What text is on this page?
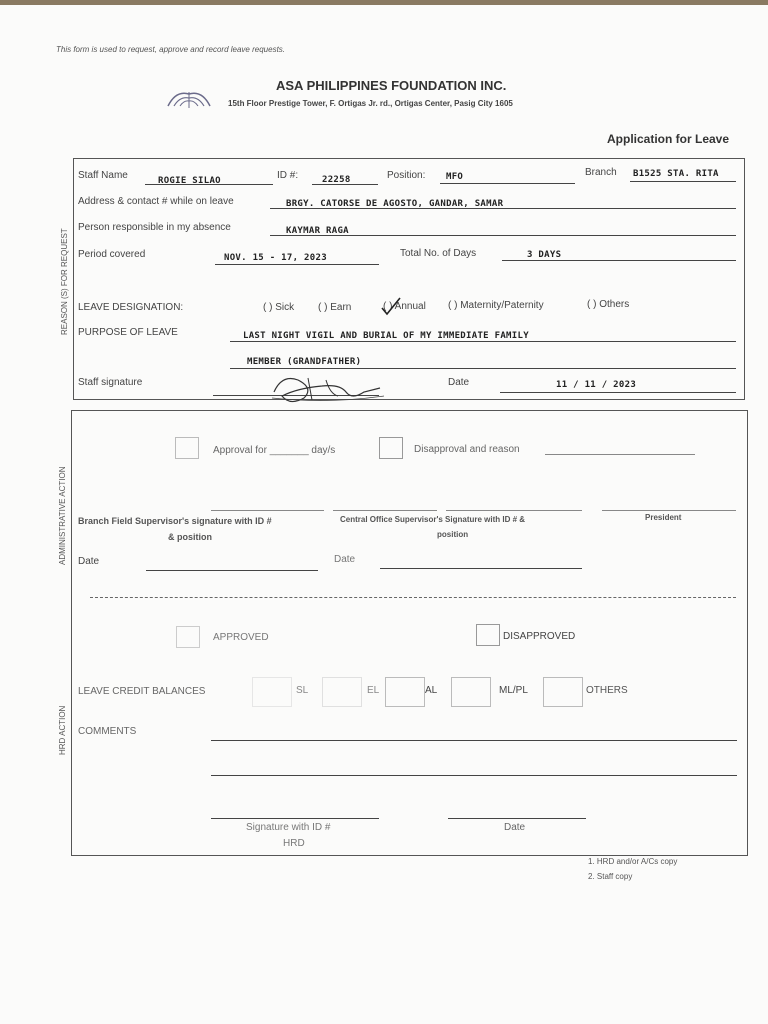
This form is used to request, approve and record leave requests.
ASA PHILIPPINES FOUNDATION INC.
15th Floor Prestige Tower, F. Ortigas Jr. rd., Ortigas Center, Pasig City 1605
Application for Leave
REASON (S) FOR REQUEST
Staff Name	ROGIE SILAO	ID #:	22258	Position: MFO	Branch B1525 STA. RITA
Address & contact # while on leave	BRGY. CATORSE DE AGOSTO, GANDAR, SAMAR
Person responsible in my absence	KAYMAR RAGA
Period covered	NOV. 15 - 17, 2023	Total No. of Days	3 DAYS
LEAVE DESIGNATION:	( ) Sick ( ) Earn	( ) Annual ( ) Maternity/Paternity	( ) Others
PURPOSE OF LEAVE	LAST NIGHT VIGIL AND BURIAL OF MY IMMEDIATE FAMILY
MEMBER (GRANDFATHER)
Staff signature	Date	11 / 11 / 2023
ADMINISTRATIVE ACTION
Approval for _______ day/s	Disapproval and reason
Branch Field Supervisor's signature with ID #
& position
Central Office Supervisor's Signature with ID # &
position
President
Date	Date
HRD ACTION
APPROVED	DISAPPROVED
LEAVE CREDIT BALANCES	SL	EL	AL	ML/PL	OTHERS
COMMENTS
Signature with ID #
HRD
Date
1. HRD and/or A/Cs copy
2. Staff copy
